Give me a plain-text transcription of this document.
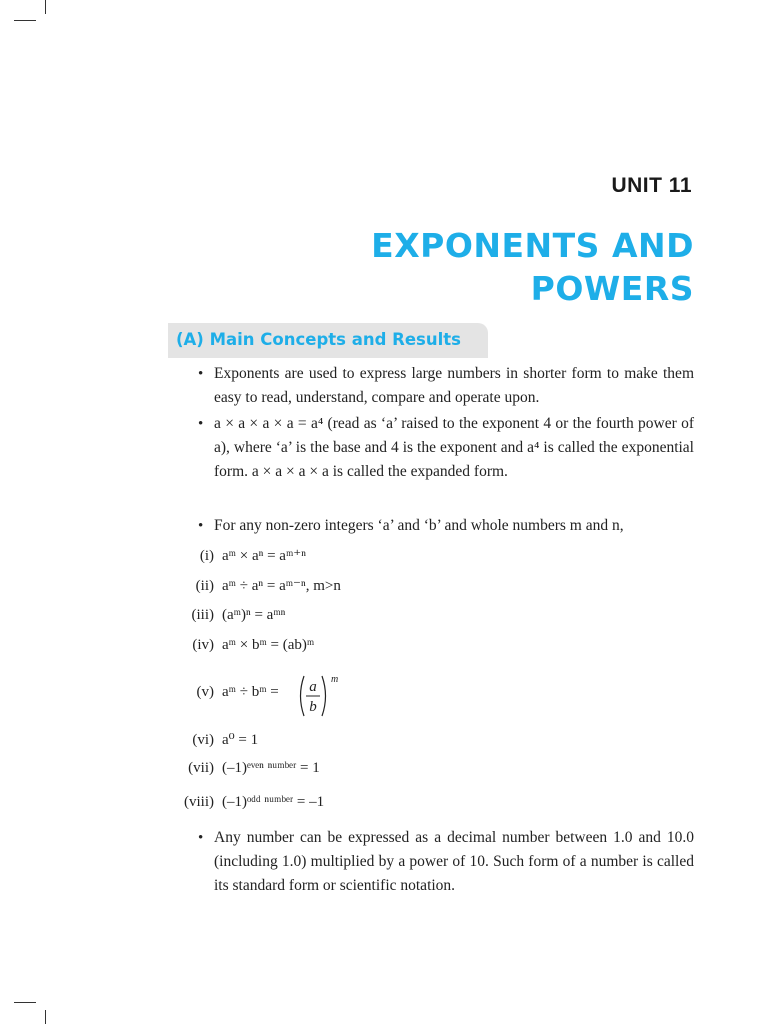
UNIT 11
EXPONENTS AND
POWERS
(A) Main Concepts and Results
• Exponents are used to express large numbers in shorter form to make them easy to read, understand, compare and operate upon.
• a × a × a × a = a⁴ (read as ‘a’ raised to the exponent 4 or the fourth power of a), where ‘a’ is the base and 4 is the exponent and a⁴ is called the exponential form. a × a × a × a is called the expanded form.
• For any non-zero integers ‘a’ and ‘b’ and whole numbers m and n,
(i) aᵐ × aⁿ = aᵐ⁺ⁿ
(ii) aᵐ ÷ aⁿ = aᵐ⁻ⁿ, m>n
(iii) (aᵐ)ⁿ = aᵐⁿ
(iv) aᵐ × bᵐ = (ab)ᵐ
(v) aᵐ ÷ bᵐ = a
b
m
(vi) a⁰ = 1
(vii) (–1)ᵉᵛᵉⁿ ⁿᵘᵐᵇᵉʳ = 1
(viii) (–1)ᵒᵈᵈ ⁿᵘᵐᵇᵉʳ = –1
• Any number can be expressed as a decimal number between 1.0 and 10.0 (including 1.0) multiplied by a power of 10. Such form of a number is called its standard form or scientific notation.
